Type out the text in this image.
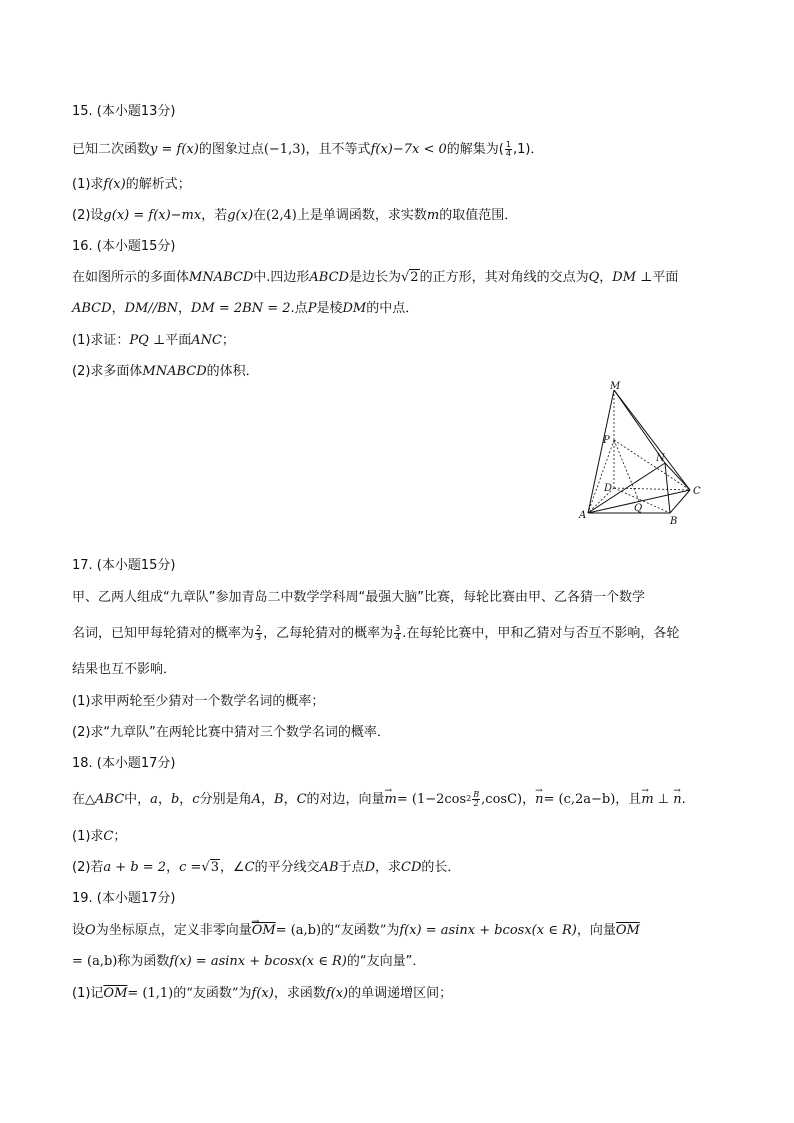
15. (本小题13分)
已知二次函数y = f(x)的图象过点(−1,3)，且不等式f(x)−7x < 0的解集为( $\frac{1}{4} ,1$)．
(1)求f(x)的解析式；
(2)设g(x) = f(x)−mx，若g(x)在(2,4)上是单调函数，求实数m的取值范围．
16. (本小题15分)
在如图所示的多面体MNABCD中.四边形ABCD是边长为√2的正方形，其对角线的交点为Q，DM ⊥平面
ABCD，DM//BN，DM = 2BN = 2.点P是棱DM的中点．
(1)求证：PQ ⊥平面ANC；
(2)求多面体MNABCD的体积．
M
P
N
D	C
Q
A
B
17. (本小题15分)
甲、乙两人组成“九章队”参加青岛二中数学学科周“最强大脑”比赛，每轮比赛由甲、乙各猜一个数学
名词，已知甲每轮猜对的概率为 $\frac{2}{3}$ ，乙每轮猜对的概率为 $\frac{3}{4}$ .在每轮比赛中，甲和乙猜对与否互不影响，各轮
结果也互不影响．
(1)求甲两轮至少猜对一个数学名词的概率；
(2)求“九章队”在两轮比赛中猜对三个数学名词的概率．
18. (本小题17分)
在△ABC中，a，b，c分别是角A，B，C的对边，向量→ $m= (1-2\cos^2 \frac{B}{2} ,\cos C)$，→ n= (c,2a−b)，且→ m ⊥ → n.
(1)求C；
(2)若a + b = 2，c =√3，∠C的平分线交AB于点D，求CD的长．
19. (本小题17分)
设O为坐标原点，定义非零向量→ $\overline{OM}= (a,b)$的“友函数”为f(x) = asinx + bcosx(x ∈ R)，向量$\overline{OM}$
= (a,b)称为函数f(x) = asinx + bcosx(x ∈ R)的“友向量”．
(1)记$\overline{OM}= (1,1)$的“友函数”为f(x)，求函数f(x)的单调递增区间；
